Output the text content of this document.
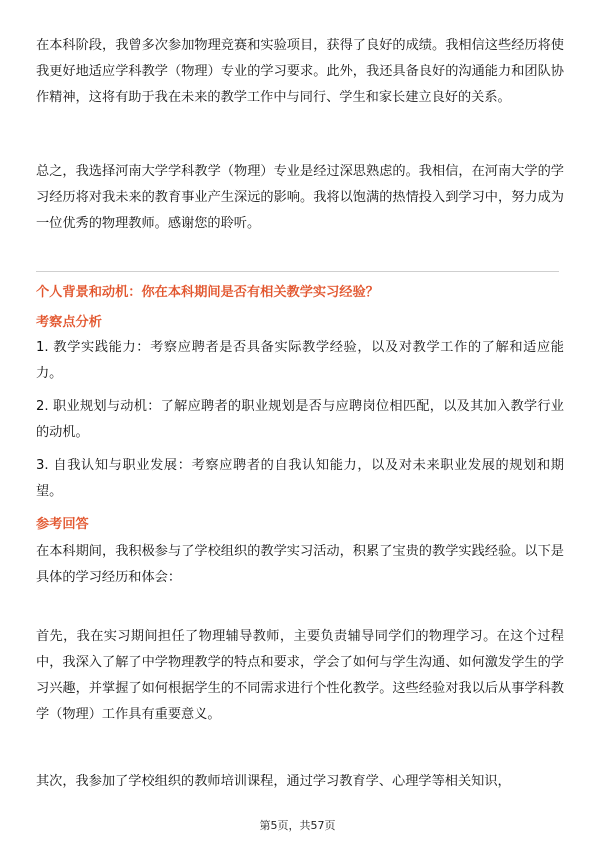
在本科阶段，我曾多次参加物理竞赛和实验项目，获得了良好的成绩。我相信这些经历将使我更好地适应学科教学（物理）专业的学习要求。此外，我还具备良好的沟通能力和团队协作精神，这将有助于我在未来的教学工作中与同行、学生和家长建立良好的关系。

总之，我选择河南大学学科教学（物理）专业是经过深思熟虑的。我相信，在河南大学的学习经历将对我未来的教育事业产生深远的影响。我将以饱满的热情投入到学习中，努力成为一位优秀的物理教师。感谢您的聆听。

个人背景和动机：你在本科期间是否有相关教学实习经验？

考察点分析

1. 教学实践能力：考察应聘者是否具备实际教学经验，以及对教学工作的了解和适应能力。

2. 职业规划与动机：了解应聘者的职业规划是否与应聘岗位相匹配，以及其加入教学行业的动机。

3. 自我认知与职业发展：考察应聘者的自我认知能力，以及对未来职业发展的规划和期望。

参考回答

在本科期间，我积极参与了学校组织的教学实习活动，积累了宝贵的教学实践经验。以下是具体的学习经历和体会：

首先，我在实习期间担任了物理辅导教师，主要负责辅导同学们的物理学习。在这个过程中，我深入了解了中学物理教学的特点和要求，学会了如何与学生沟通、如何激发学生的学习兴趣，并掌握了如何根据学生的不同需求进行个性化教学。这些经验对我以后从事学科教学（物理）工作具有重要意义。

其次，我参加了学校组织的教师培训课程，通过学习教育学、心理学等相关知识，

第5页，共57页
